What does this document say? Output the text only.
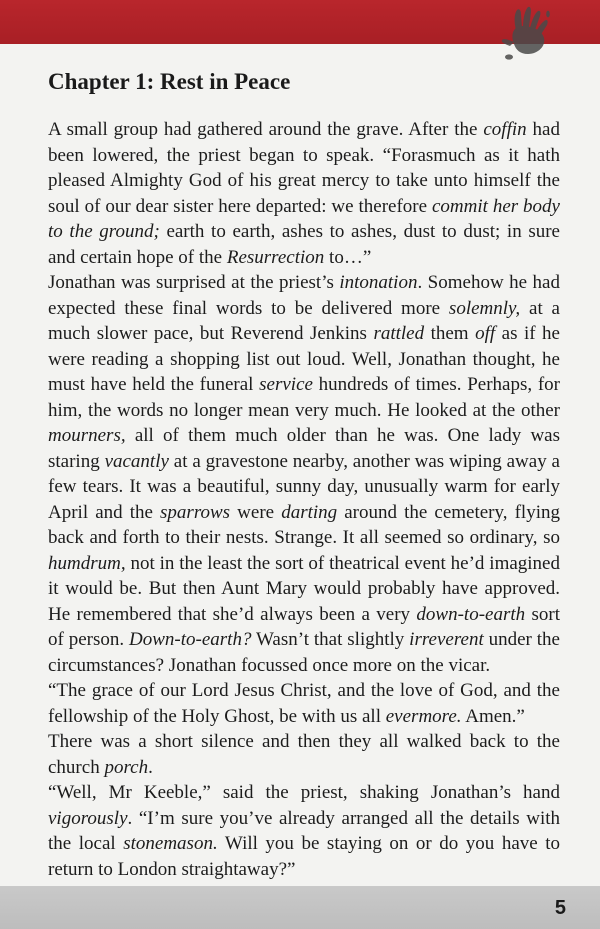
Chapter 1: Rest in Peace

A small group had gathered around the grave. After the coffin had been lowered, the priest began to speak. “Forasmuch as it hath pleased Almighty God of his great mercy to take unto himself the soul of our dear sister here departed: we therefore commit her body to the ground; earth to earth, ashes to ashes, dust to dust; in sure and certain hope of the Resurrection to…”

Jonathan was surprised at the priest’s intonation. Somehow he had expected these final words to be delivered more solemnly, at a much slower pace, but Reverend Jenkins rattled them off as if he were reading a shopping list out loud. Well, Jonathan thought, he must have held the funeral service hundreds of times. Perhaps, for him, the words no longer mean very much. He looked at the other mourners, all of them much older than he was. One lady was staring vacantly at a gravestone nearby, another was wiping away a few tears. It was a beautiful, sunny day, unusually warm for early April and the sparrows were darting around the cemetery, flying back and forth to their nests. Strange. It all seemed so ordinary, so humdrum, not in the least the sort of theatrical event he’d imagined it would be. But then Aunt Mary would probably have approved. He remembered that she’d always been a very down-to-earth sort of person. Down-to-earth? Wasn’t that slightly irreverent under the circumstances? Jonathan focussed once more on the vicar.

“The grace of our Lord Jesus Christ, and the love of God, and the fellowship of the Holy Ghost, be with us all evermore. Amen.”

There was a short silence and then they all walked back to the church porch.

“Well, Mr Keeble,” said the priest, shaking Jonathan’s hand vigorously. “I’m sure you’ve already arranged all the details with the local stonemason. Will you be staying on or do you have to return to London straightaway?”

5
